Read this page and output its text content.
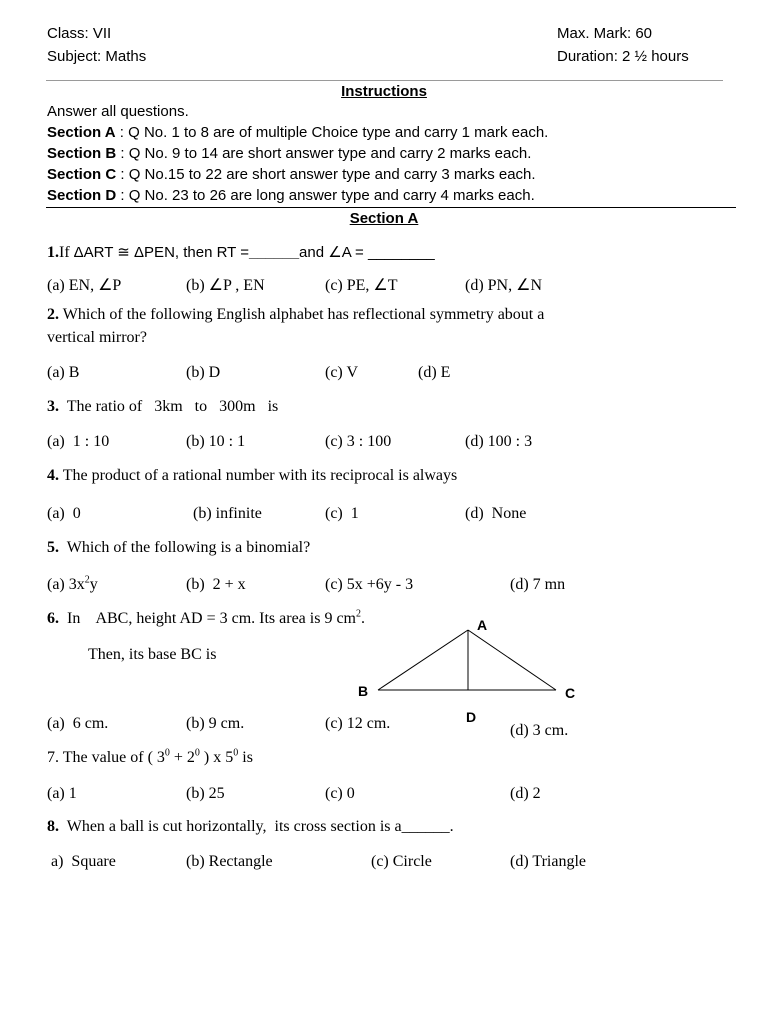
Class: VII
Subject: Maths
Max. Mark: 60
Duration: 2 ½ hours
Instructions
Answer all questions.
Section A : Q No. 1 to 8 are of multiple Choice type and carry 1 mark each.
Section B : Q No. 9 to 14 are short answer type and carry 2 marks each.
Section C : Q No.15 to 22 are short answer type and carry 3 marks each.
Section D : Q No. 23 to 26 are long answer type and carry 4 marks each.
Section A
1.If ΔART ≅ ΔPEN, then RT =______and ∠A = ________
(a) EN, ∠P	(b) ∠P , EN	(c) PE, ∠T	(d) PN, ∠N
2. Which of the following English alphabet has reflectional symmetry about a
vertical mirror?
(a) B	(b) D	(c) V	(d) E
3.  The ratio of   3km   to   300m   is
(a)  1 : 10	(b) 10 : 1	(c) 3 : 100	(d) 100 : 3
4. The product of a rational number with its reciprocal is always
(a)  0	(b) infinite	(c)  1	(d)  None
5.  Which of the following is a binomial?
(a) $3x^2y$	(b)  2 + x	(c) 5x +6y - 3	(d) 7 mn
6.  In    ABC, height AD = 3 cm. Its area is 9 $cm^2$.
Then, its base BC is
A
B	C
D
(a)  6 cm.	(b) 9 cm.	(c) 12 cm.	(d) 3 cm.
7. The value of ( $3^0 + 2^0$ ) x $5^0$ is
(a) 1	(b) 25	(c) 0	(d) 2
8.  When a ball is cut horizontally,  its cross section is a______.
a)  Square	(b) Rectangle	(c) Circle	(d) Triangle
